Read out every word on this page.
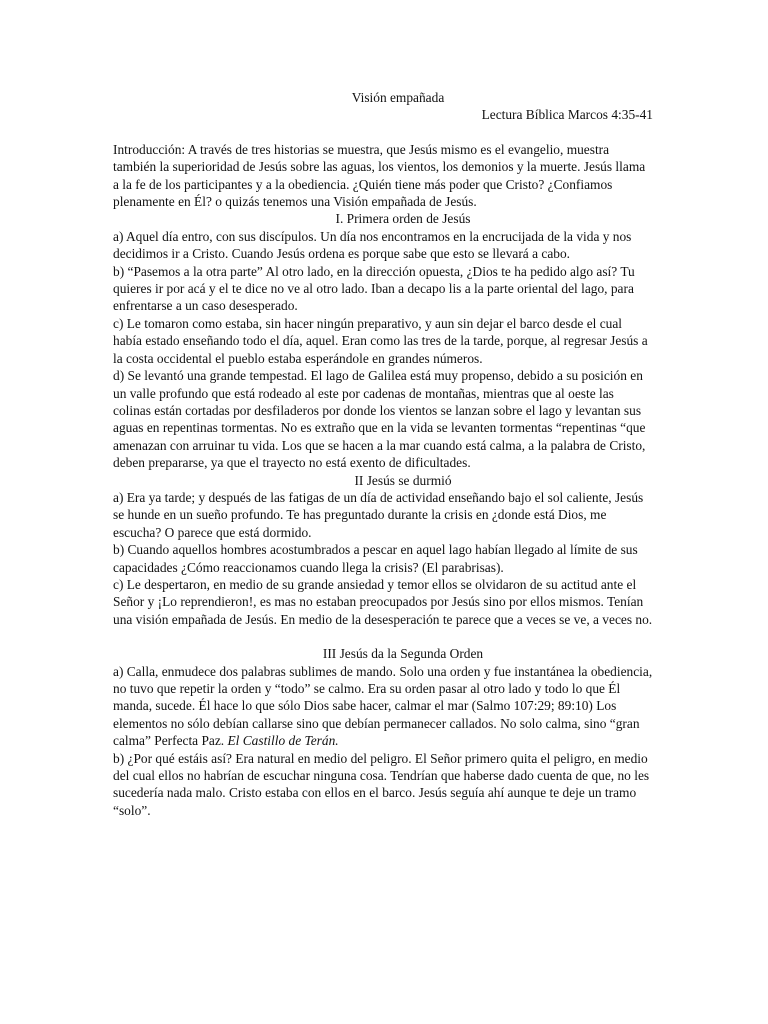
Visión empañada
Lectura Bíblica Marcos 4:35-41

Introducción: A través de tres historias se muestra, que Jesús mismo es el evangelio, muestra también la superioridad de Jesús sobre las aguas, los vientos, los demonios y la muerte. Jesús llama a la fe de los participantes y a la obediencia. ¿Quién tiene más poder que Cristo? ¿Confiamos plenamente en Él? o quizás tenemos una Visión empañada de Jesús.

I. Primera orden de Jesús

a) Aquel día entro, con sus discípulos. Un día nos encontramos en la encrucijada de la vida y nos decidimos ir a Cristo. Cuando Jesús ordena es porque sabe que esto se llevará a cabo.

b) “Pasemos a la otra parte” Al otro lado, en la dirección opuesta, ¿Dios te ha pedido algo así? Tu quieres ir por acá y el te dice no ve al otro lado. Iban a decapo lis a la parte oriental del lago, para enfrentarse a un caso desesperado.

c) Le tomaron como estaba, sin hacer ningún preparativo, y aun sin dejar el barco desde el cual había estado enseñando todo el día, aquel. Eran como las tres de la tarde, porque, al regresar Jesús a la costa occidental el pueblo estaba esperándole en grandes números.

d) Se levantó una grande tempestad. El lago de Galilea está muy propenso, debido a su posición en un valle profundo que está rodeado al este por cadenas de montañas, mientras que al oeste las colinas están cortadas por desfiladeros por donde los vientos se lanzan sobre el lago y levantan sus aguas en repentinas tormentas. No es extraño que en la vida se levanten tormentas “repentinas “que amenazan con arruinar tu vida. Los que se hacen a la mar cuando está calma, a la palabra de Cristo, deben prepararse, ya que el trayecto no está exento de dificultades.

II Jesús se durmió

a) Era ya tarde; y después de las fatigas de un día de actividad enseñando bajo el sol caliente, Jesús se hunde en un sueño profundo. Te has preguntado durante la crisis en ¿donde está Dios, me escucha? O parece que está dormido.

b) Cuando aquellos hombres acostumbrados a pescar en aquel lago habían llegado al límite de sus capacidades ¿Cómo reaccionamos cuando llega la crisis? (El parabrisas).

c) Le despertaron, en medio de su grande ansiedad y temor ellos se olvidaron de su actitud ante el Señor y ¡Lo reprendieron!, es mas no estaban preocupados por Jesús sino por ellos mismos. Tenían una visión empañada de Jesús. En medio de la desesperación te parece que a veces se ve, a veces no.

III Jesús da la Segunda Orden

a) Calla, enmudece dos palabras sublimes de mando. Solo una orden y fue instantánea la obediencia, no tuvo que repetir la orden y “todo” se calmo. Era su orden pasar al otro lado y todo lo que Él manda, sucede. Él hace lo que sólo Dios sabe hacer, calmar el mar (Salmo 107:29; 89:10) Los elementos no sólo debían callarse sino que debían permanecer callados. No solo calma, sino “gran calma” Perfecta Paz. El Castillo de Terán.

b) ¿Por qué estáis así? Era natural en medio del peligro. El Señor primero quita el peligro, en medio del cual ellos no habrían de escuchar ninguna cosa. Tendrían que haberse dado cuenta de que, no les sucedería nada malo. Cristo estaba con ellos en el barco. Jesús seguía ahí aunque te deje un tramo “solo”.
